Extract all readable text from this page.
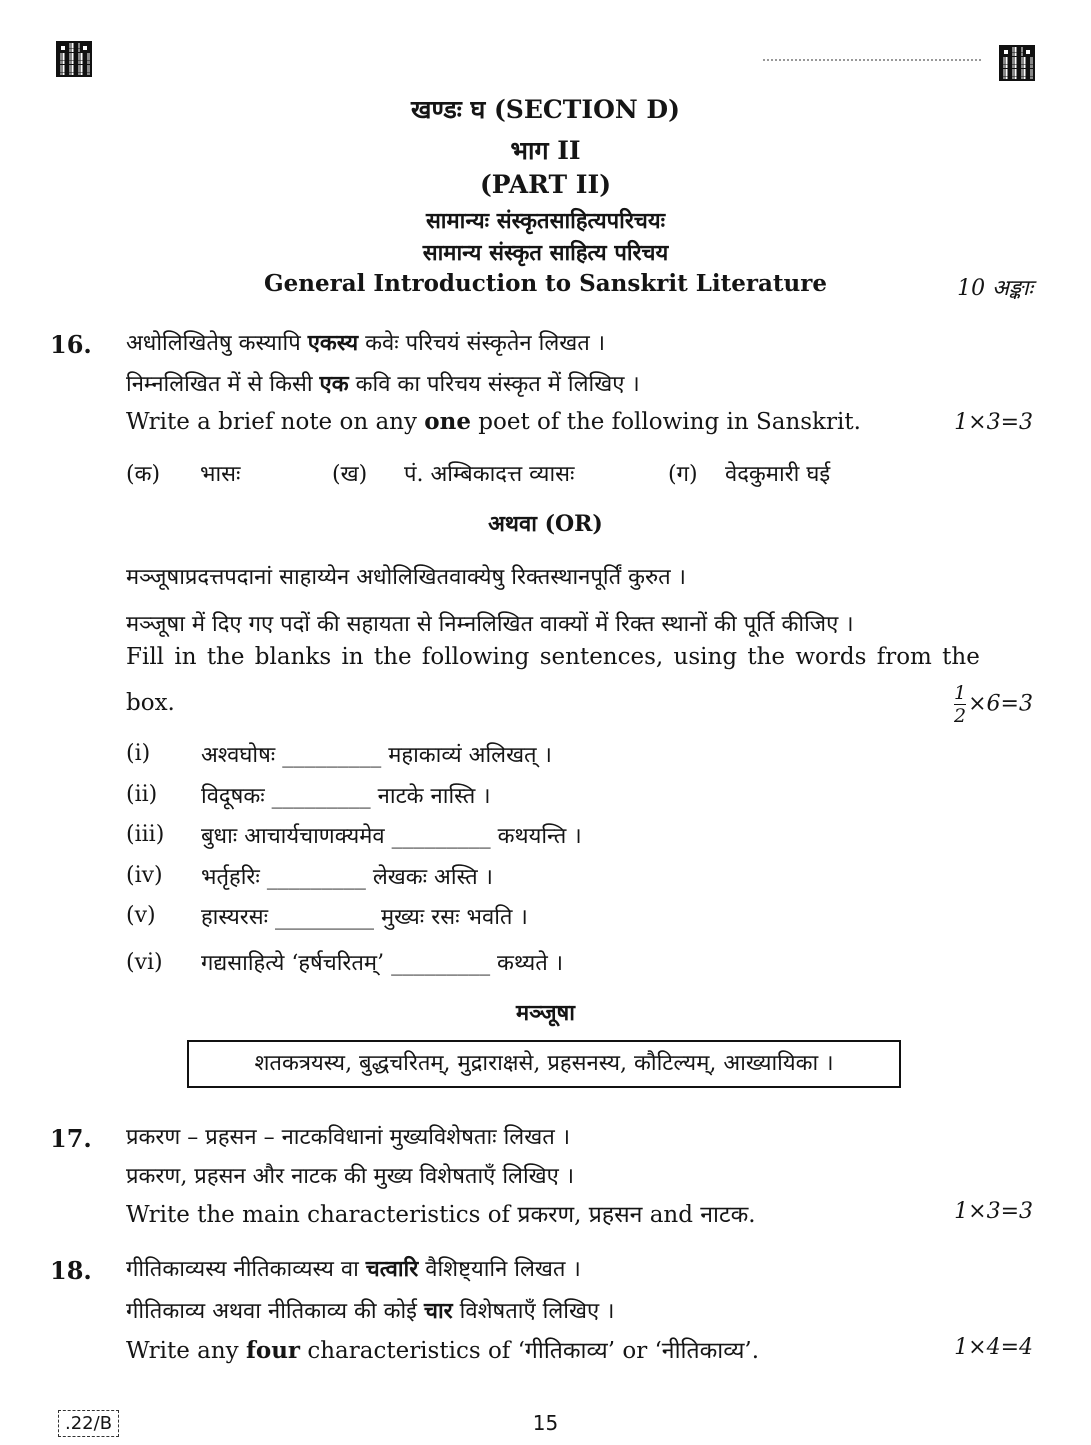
खण्डः घ (SECTION D)
भाग II
(PART II)
सामान्यः संस्कृतसाहित्यपरिचयः
सामान्य संस्कृत साहित्य परिचय
General Introduction to Sanskrit Literature	10 अङ्काः
16. अधोलिखितेषु कस्यापि एकस्य कवेः परिचयं संस्कृतेन लिखत ।
निम्नलिखित में से किसी एक कवि का परिचय संस्कृत में लिखिए ।
Write a brief note on any one poet of the following in Sanskrit.	1×3=3
(क) भासः	(ख) पं. अम्बिकादत्त व्यासः	(ग) वेदकुमारी घई
अथवा (OR)
मञ्जूषाप्रदत्तपदानां साहाय्येन अधोलिखितवाक्येषु रिक्तस्थानपूर्तिं कुरुत ।
मञ्जूषा में दिए गए पदों की सहायता से निम्नलिखित वाक्यों में रिक्त स्थानों की पूर्ति कीजिए ।
Fill in the blanks in the following sentences, using the words from the
box.	$\frac{1}{2} \times 6=3$
(i) अश्वघोषः _________ महाकाव्यं अलिखत् ।
(ii) विदूषकः _________ नाटके नास्ति ।
(iii) बुधाः आचार्यचाणक्यमेव _________ कथयन्ति ।
(iv) भर्तृहरिः _________ लेखकः अस्ति ।
(v) हास्यरसः _________ मुख्यः रसः भवति ।
(vi) गद्यसाहित्ये ‘हर्षचरितम्’ _________ कथ्यते ।
मञ्जूषा
शतकत्रयस्य, बुद्धचरितम्, मुद्राराक्षसे, प्रहसनस्य, कौटिल्यम्, आख्यायिका ।
17. प्रकरण – प्रहसन – नाटकविधानां मुख्यविशेषताः लिखत ।
प्रकरण, प्रहसन और नाटक की मुख्य विशेषताएँ लिखिए ।
Write the main characteristics of प्रकरण, प्रहसन and नाटक.	1×3=3
18. गीतिकाव्यस्य नीतिकाव्यस्य वा चत्वारि वैशिष्ट्यानि लिखत ।
गीतिकाव्य अथवा नीतिकाव्य की कोई चार विशेषताएँ लिखिए ।
Write any four characteristics of ‘गीतिकाव्य’ or ‘नीतिकाव्य’.	1×4=4
.22/B	15
